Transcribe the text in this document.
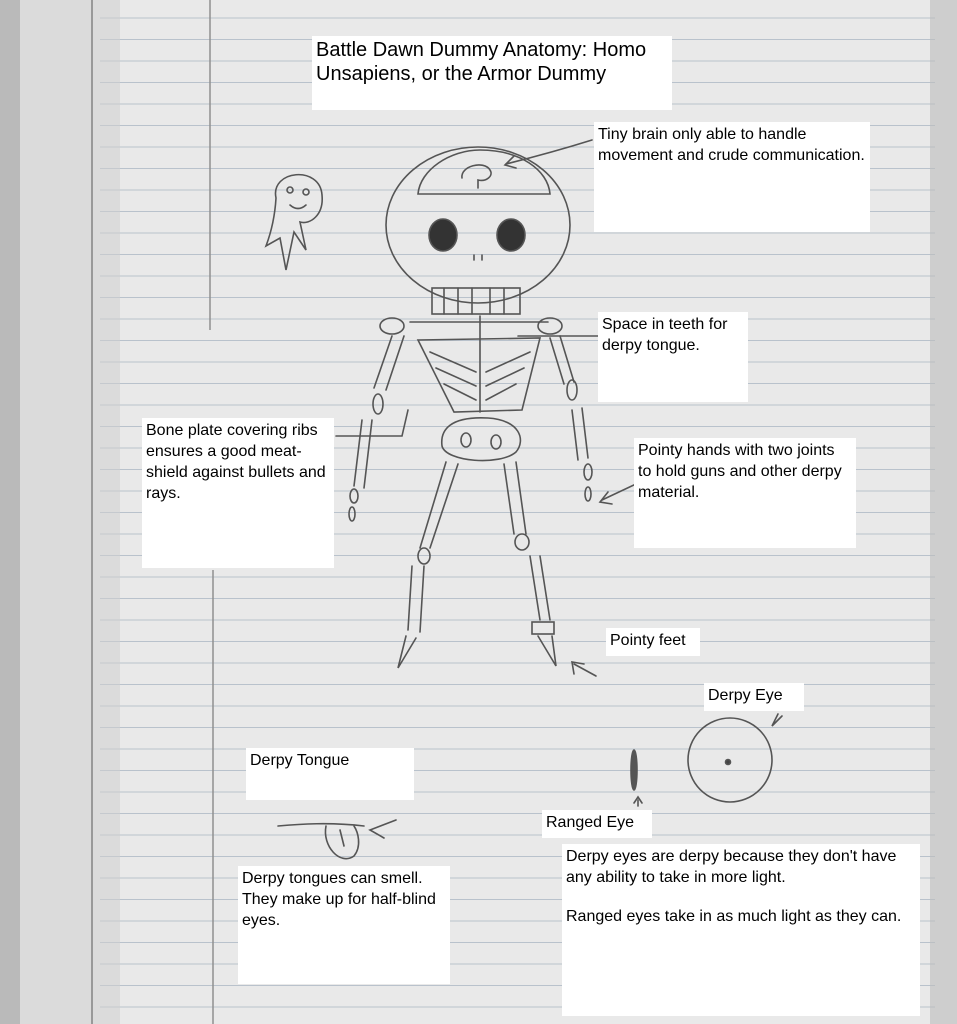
Battle Dawn Dummy Anatomy: Homo Unsapiens, or the Armor Dummy
Tiny brain only able to handle movement and crude communication.
Space in teeth for derpy tongue.
Bone plate covering ribs ensures a good meat-shield against bullets and rays.
Pointy hands with two joints to hold guns and other derpy material.
Pointy feet
Derpy Eye
Derpy Tongue
Ranged Eye
Derpy tongues can smell. They make up for half-blind eyes.

Derpy eyes are derpy because they don't have any ability to take in more light.

Ranged eyes take in as much light as they can.
